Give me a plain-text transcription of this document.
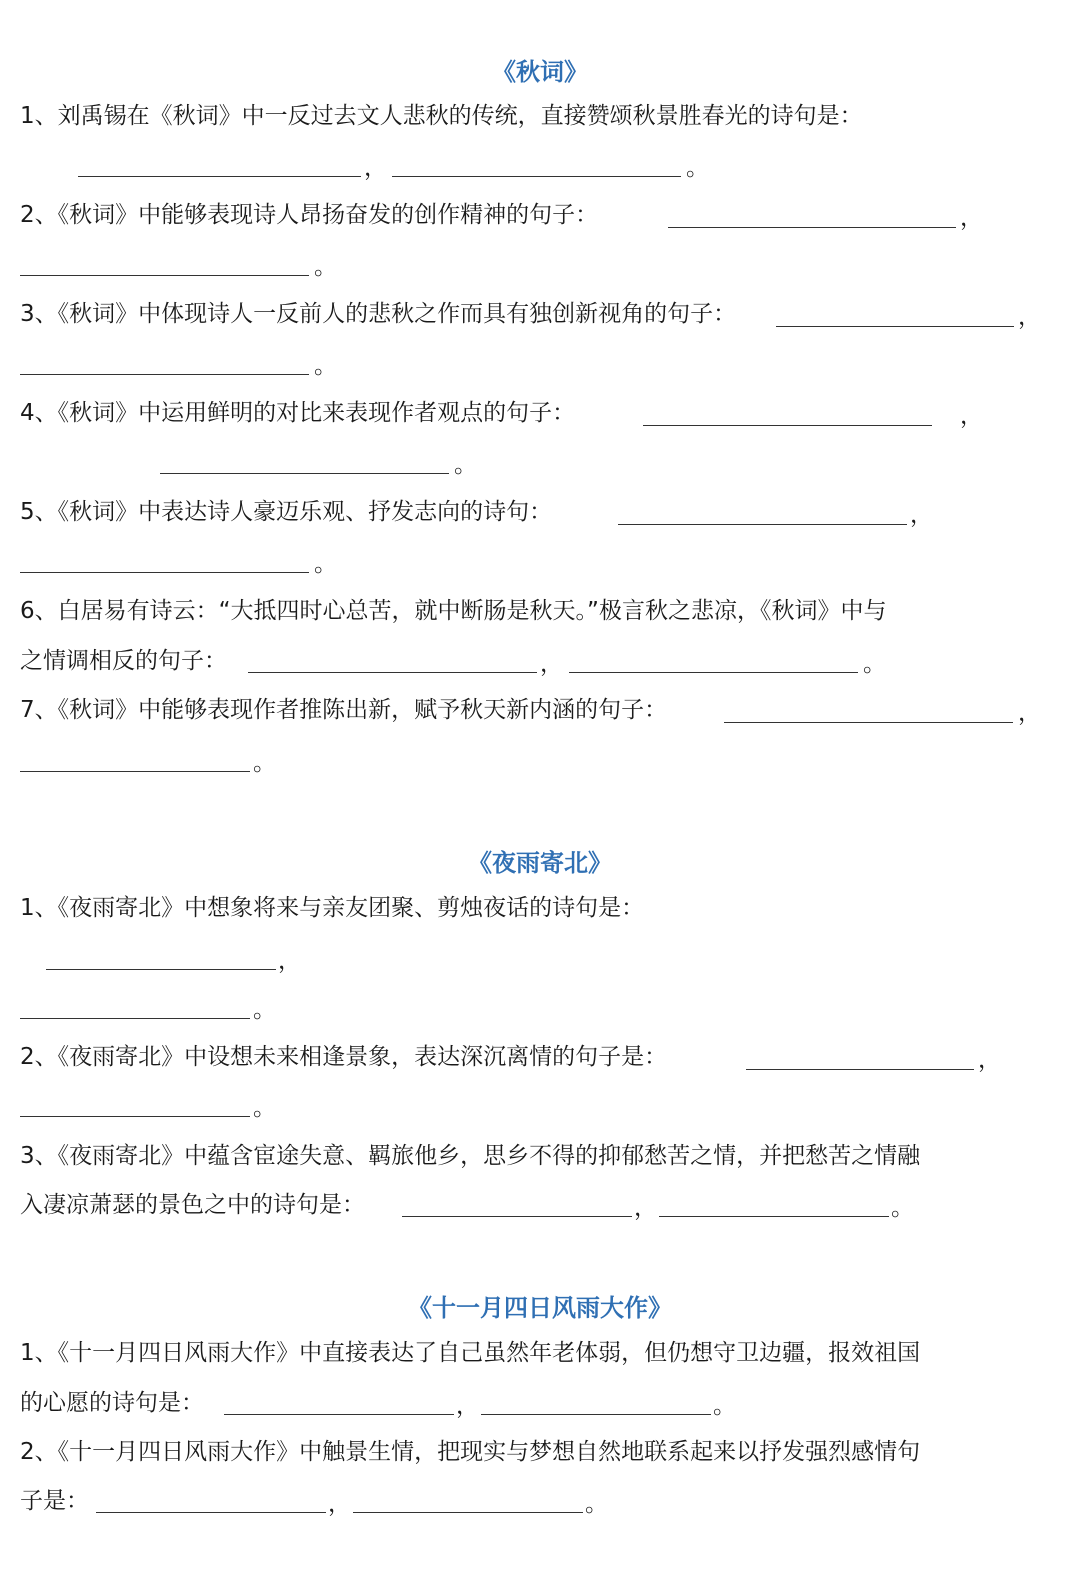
《秋词》
1、刘禹锡在《秋词》中一反过去文人悲秋的传统，直接赞颂秋景胜春光的诗句是：
，	。
2、《秋词》中能够表现诗人昂扬奋发的创作精神的句子：	，
。
3、《秋词》中体现诗人一反前人的悲秋之作而具有独创新视角的句子：	，
。
4、《秋词》中运用鲜明的对比来表现作者观点的句子：	，
。
5、《秋词》中表达诗人豪迈乐观、抒发志向的诗句：	，
。
6、白居易有诗云：“大抵四时心总苦，就中断肠是秋天。”极言秋之悲凉，《秋词》中与
之情调相反的句子：	，	。
7、《秋词》中能够表现作者推陈出新，赋予秋天新内涵的句子：	，
。
《夜雨寄北》
1、《夜雨寄北》中想象将来与亲友团聚、剪烛夜话的诗句是：
，
。
2、《夜雨寄北》中设想未来相逢景象，表达深沉离情的句子是：	，
。
3、《夜雨寄北》中蕴含宦途失意、羁旅他乡，思乡不得的抑郁愁苦之情，并把愁苦之情融
入凄凉萧瑟的景色之中的诗句是：	，	。
《十一月四日风雨大作》
1、《十一月四日风雨大作》中直接表达了自己虽然年老体弱，但仍想守卫边疆，报效祖国
的心愿的诗句是：	，	。
2、《十一月四日风雨大作》中触景生情，把现实与梦想自然地联系起来以抒发强烈感情句
子是：	，	。
